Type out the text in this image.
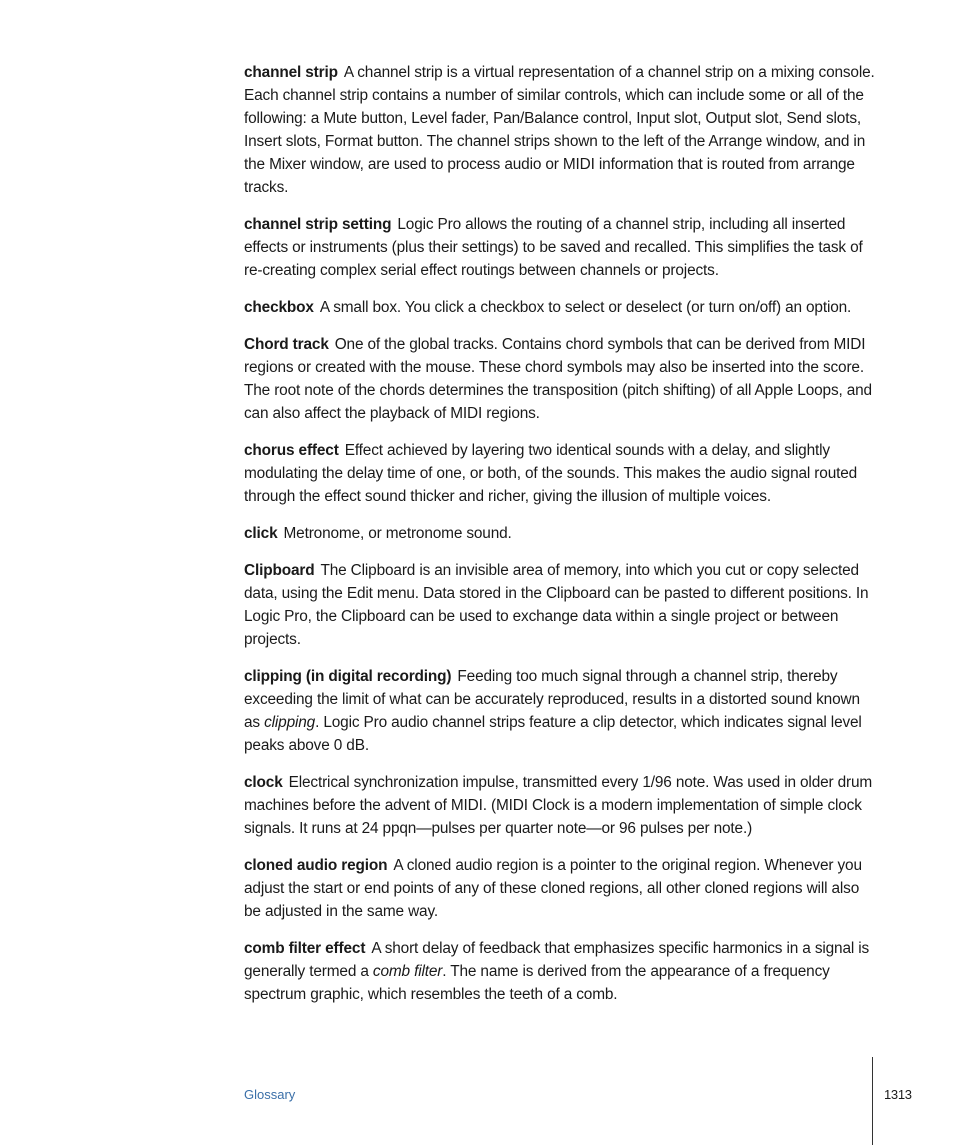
channel strip A channel strip is a virtual representation of a channel strip on a mixing console. Each channel strip contains a number of similar controls, which can include some or all of the following: a Mute button, Level fader, Pan/Balance control, Input slot, Output slot, Send slots, Insert slots, Format button. The channel strips shown to the left of the Arrange window, and in the Mixer window, are used to process audio or MIDI information that is routed from arrange tracks.

channel strip setting Logic Pro allows the routing of a channel strip, including all inserted effects or instruments (plus their settings) to be saved and recalled. This simplifies the task of re-creating complex serial effect routings between channels or projects.

checkbox A small box. You click a checkbox to select or deselect (or turn on/off) an option.

Chord track One of the global tracks. Contains chord symbols that can be derived from MIDI regions or created with the mouse. These chord symbols may also be inserted into the score. The root note of the chords determines the transposition (pitch shifting) of all Apple Loops, and can also affect the playback of MIDI regions.

chorus effect Effect achieved by layering two identical sounds with a delay, and slightly modulating the delay time of one, or both, of the sounds. This makes the audio signal routed through the effect sound thicker and richer, giving the illusion of multiple voices.

click Metronome, or metronome sound.

Clipboard The Clipboard is an invisible area of memory, into which you cut or copy selected data, using the Edit menu. Data stored in the Clipboard can be pasted to different positions. In Logic Pro, the Clipboard can be used to exchange data within a single project or between projects.

clipping (in digital recording) Feeding too much signal through a channel strip, thereby exceeding the limit of what can be accurately reproduced, results in a distorted sound known as clipping. Logic Pro audio channel strips feature a clip detector, which indicates signal level peaks above 0 dB.

clock Electrical synchronization impulse, transmitted every 1/96 note. Was used in older drum machines before the advent of MIDI. (MIDI Clock is a modern implementation of simple clock signals. It runs at 24 ppqn—pulses per quarter note—or 96 pulses per note.)

cloned audio region A cloned audio region is a pointer to the original region. Whenever you adjust the start or end points of any of these cloned regions, all other cloned regions will also be adjusted in the same way.

comb filter effect A short delay of feedback that emphasizes specific harmonics in a signal is generally termed a comb filter. The name is derived from the appearance of a frequency spectrum graphic, which resembles the teeth of a comb.

Glossary	1313
